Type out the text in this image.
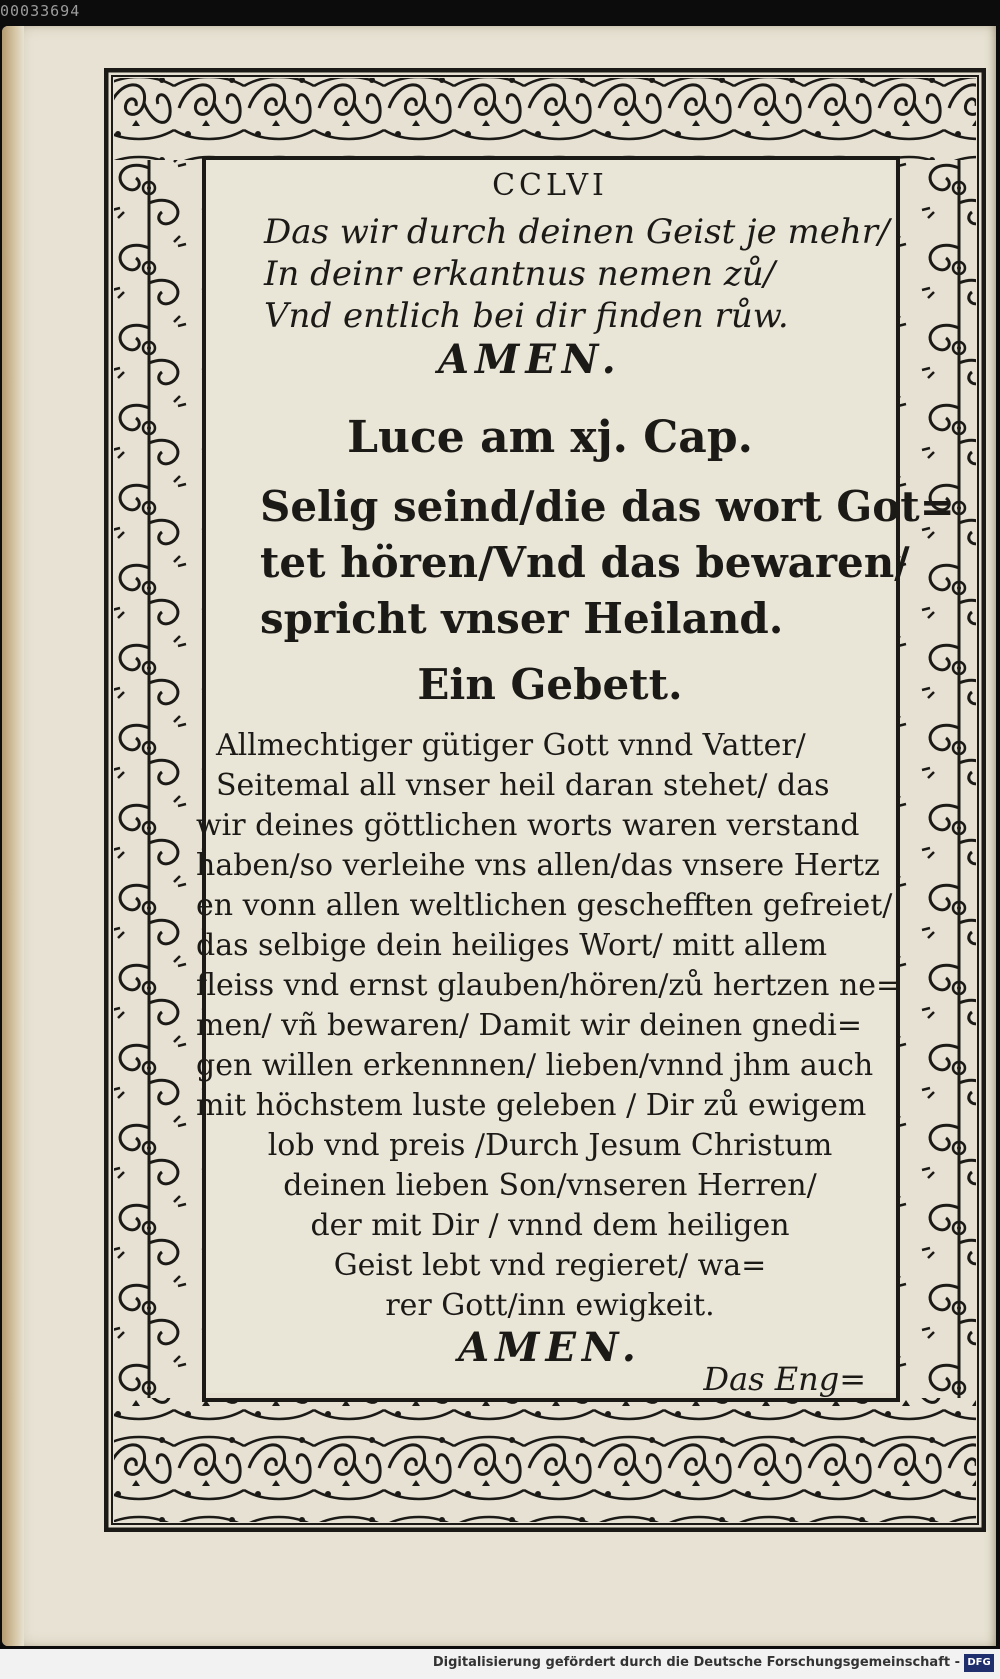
00033694
CCLVI
Das wir durch deinen Geist je mehr/
In deinr erkantnus nemen zů/
Vnd entlich bei dir finden růw.
AMEN.
Luce am xj. Cap.
Selig seind/die das wort Got=
tet hören/Vnd das bewaren/
spricht vnser Heiland.
Ein Gebett.
Allmechtiger gütiger Gott vnnd Vatter/
Seitemal all vnser heil daran stehet/ das
wir deines göttlichen worts waren verstand
haben/so verleihe vns allen/das vnsere Hertz
en vonn allen weltlichen geschefften gefreiet/
das selbige dein heiliges Wort/ mitt allem
fleiss vnd ernst glauben/hören/zů hertzen ne=
men/ vñ bewaren/ Damit wir deinen gnedi=
gen willen erkennnen/ lieben/vnnd jhm auch
mit höchstem luste geleben / Dir zů ewigem
lob vnd preis /Durch Jesum Christum
deinen lieben Son/vnseren Herren/
der mit Dir / vnnd dem heiligen
Geist lebt vnd regieret/ wa=
rer Gott/inn ewigkeit.
AMEN.
Das Eng=
Digitalisierung gefördert durch die Deutsche Forschungsgemeinschaft - DFG
